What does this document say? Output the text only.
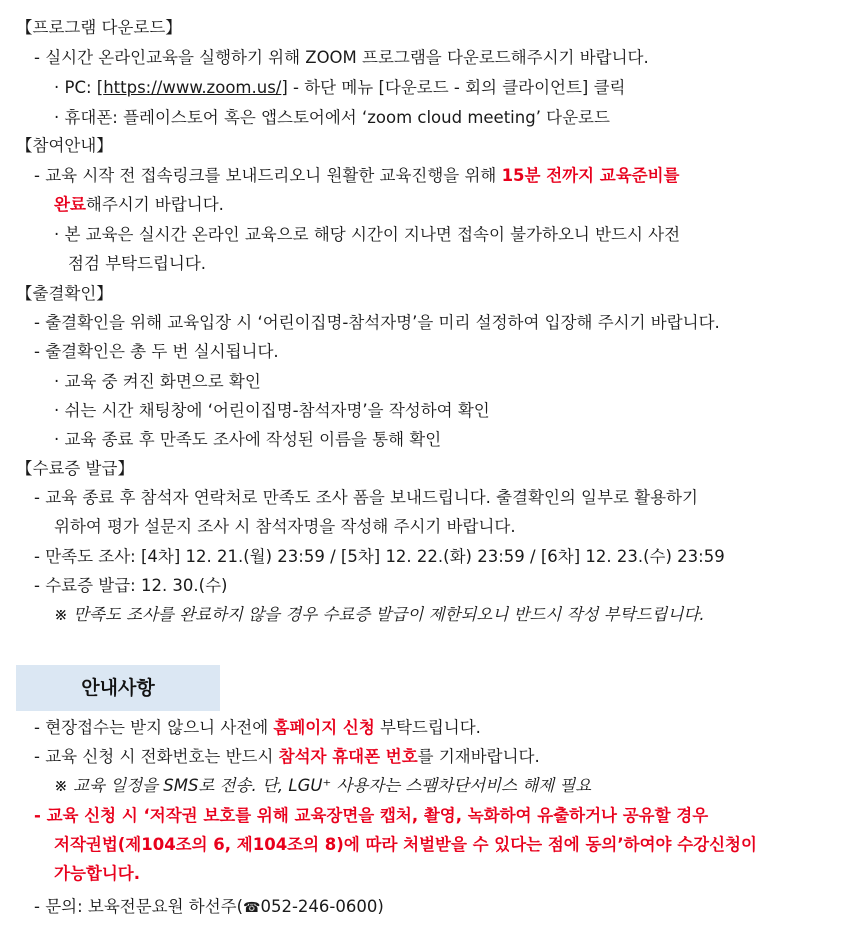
【프로그램 다운로드】
- 실시간 온라인교육을 실행하기 위해 ZOOM 프로그램을 다운로드해주시기 바랍니다.
· PC: [https://www.zoom.us/] - 하단 메뉴 [다운로드 - 회의 클라이언트] 클릭
· 휴대폰: 플레이스토어 혹은 앱스토어에서 ‘zoom cloud meeting’ 다운로드
【참여안내】
- 교육 시작 전 접속링크를 보내드리오니 원활한 교육진행을 위해 15분 전까지 교육준비를
완료해주시기 바랍니다.
· 본 교육은 실시간 온라인 교육으로 해당 시간이 지나면 접속이 불가하오니 반드시 사전
점검 부탁드립니다.
【출결확인】
- 출결확인을 위해 교육입장 시 ‘어린이집명-참석자명’을 미리 설정하여 입장해 주시기 바랍니다.
- 출결확인은 총 두 번 실시됩니다.
· 교육 중 켜진 화면으로 확인
· 쉬는 시간 채팅창에 ‘어린이집명-참석자명’을 작성하여 확인
· 교육 종료 후 만족도 조사에 작성된 이름을 통해 확인
【수료증 발급】
- 교육 종료 후 참석자 연락처로 만족도 조사 폼을 보내드립니다. 출결확인의 일부로 활용하기
위하여 평가 설문지 조사 시 참석자명을 작성해 주시기 바랍니다.
- 만족도 조사: [4차] 12. 21.(월) 23:59 / [5차] 12. 22.(화) 23:59 / [6차] 12. 23.(수) 23:59
- 수료증 발급: 12. 30.(수)
※ 만족도 조사를 완료하지 않을 경우 수료증 발급이 제한되오니 반드시 작성 부탁드립니다.
안내사항
- 현장접수는 받지 않으니 사전에 홈페이지 신청 부탁드립니다.
- 교육 신청 시 전화번호는 반드시 참석자 휴대폰 번호를 기재바랍니다.
※ 교육 일정을 SMS로 전송. 단, LGU⁺ 사용자는 스팸차단서비스 해제 필요
- 교육 신청 시 ‘저작권 보호를 위해 교육장면을 캡처, 촬영, 녹화하여 유출하거나 공유할 경우
저작권법(제104조의 6, 제104조의 8)에 따라 처벌받을 수 있다는 점에 동의’하여야 수강신청이
가능합니다.
- 문의: 보육전문요원 하선주(☎052-246-0600)
